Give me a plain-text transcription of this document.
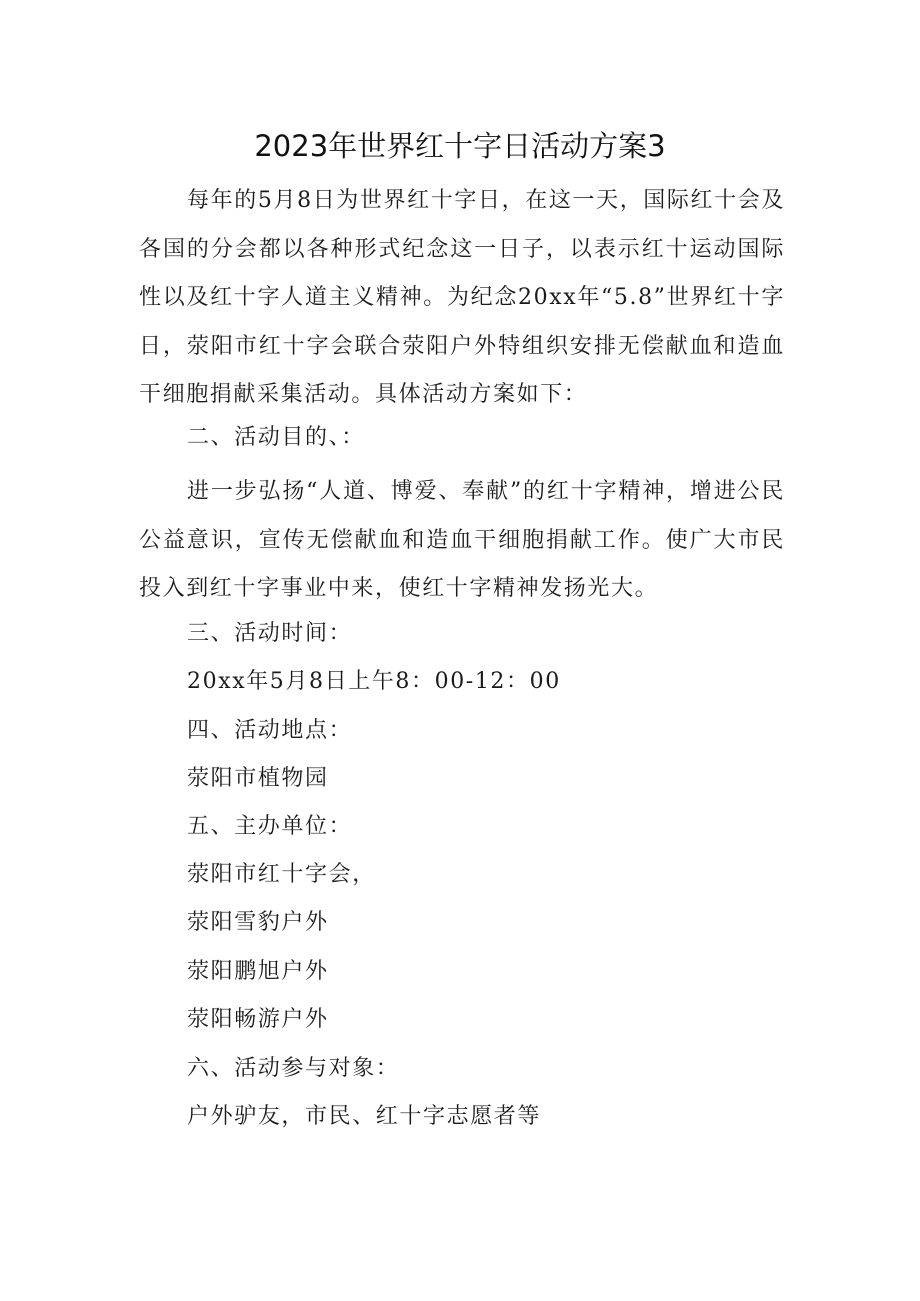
2023年世界红十字日活动方案3

每年的5月8日为世界红十字日，在这一天，国际红十会及各国的分会都以各种形式纪念这一日子，以表示红十运动国际性以及红十字人道主义精神。为纪念20xx年“5.8”世界红十字日，荥阳市红十字会联合荥阳户外特组织安排无偿献血和造血干细胞捐献采集活动。具体活动方案如下：

二、活动目的、：

进一步弘扬“人道、博爱、奉献”的红十字精神，增进公民公益意识，宣传无偿献血和造血干细胞捐献工作。使广大市民投入到红十字事业中来，使红十字精神发扬光大。

三、活动时间：

20xx年5月8日上午8：00-12：00

四、活动地点：

荥阳市植物园

五、主办单位：

荥阳市红十字会，

荥阳雪豹户外

荥阳鹏旭户外

荥阳畅游户外

六、活动参与对象：

户外驴友，市民、红十字志愿者等
